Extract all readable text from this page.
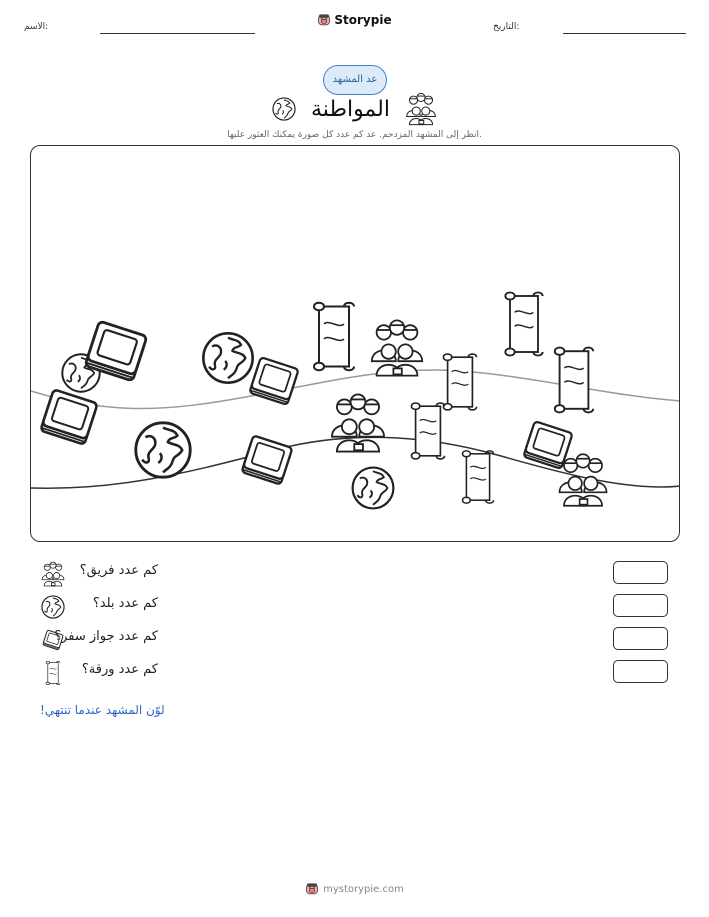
الاسم:	Storypie	التاريخ:
عد المشهد
المواطنة
انظر إلى المشهد المزدحم. عد كم عدد كل صورة يمكنك العثور عليها.
كم عدد فريق؟
كم عدد بلد؟
كم عدد جواز سفر؟
كم عدد ورقة؟
لوّن المشهد عندما تنتهي!
mystorypie.com
